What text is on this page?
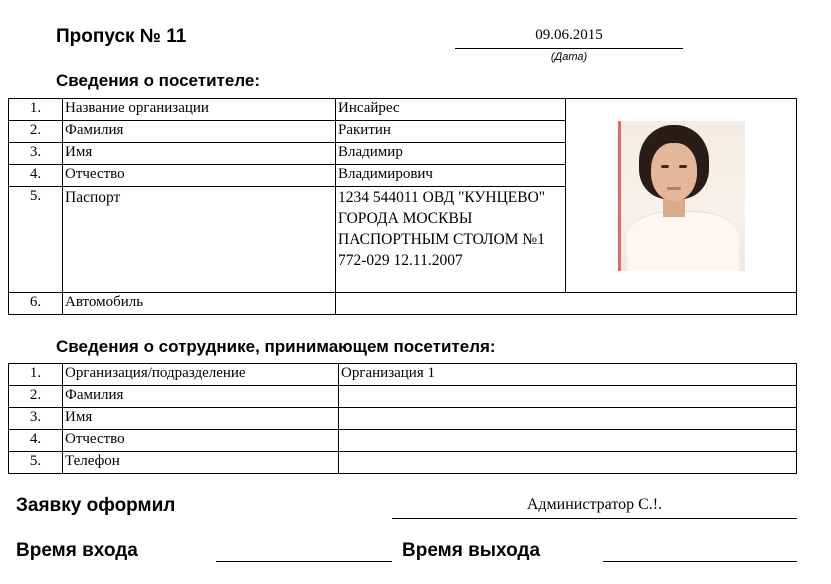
Пропуск № 11	09.06.2015
(Дата)
Сведения о посетителе:
1.	Название организации	Инсайрес	

2.	Фамилия	Ракитин	
3.	Имя	Владимир	
4.	Отчество	Владимирович	
5.	Паспорт	1234 544011 ОВД "КУНЦЕВО" ГОРОДА МОСКВЫ ПАСПОРТНЫМ СТОЛОМ №1 772-029 12.11.2007	
6.	Автомобиль		
Сведения о сотруднике, принимающем посетителя:
1.	Организация/подразделение	Организация 1
2.	Фамилия	
3.	Имя	
4.	Отчество	
5.	Телефон	
Заявку оформил	Администратор С.!.
Время входа	Время выхода
